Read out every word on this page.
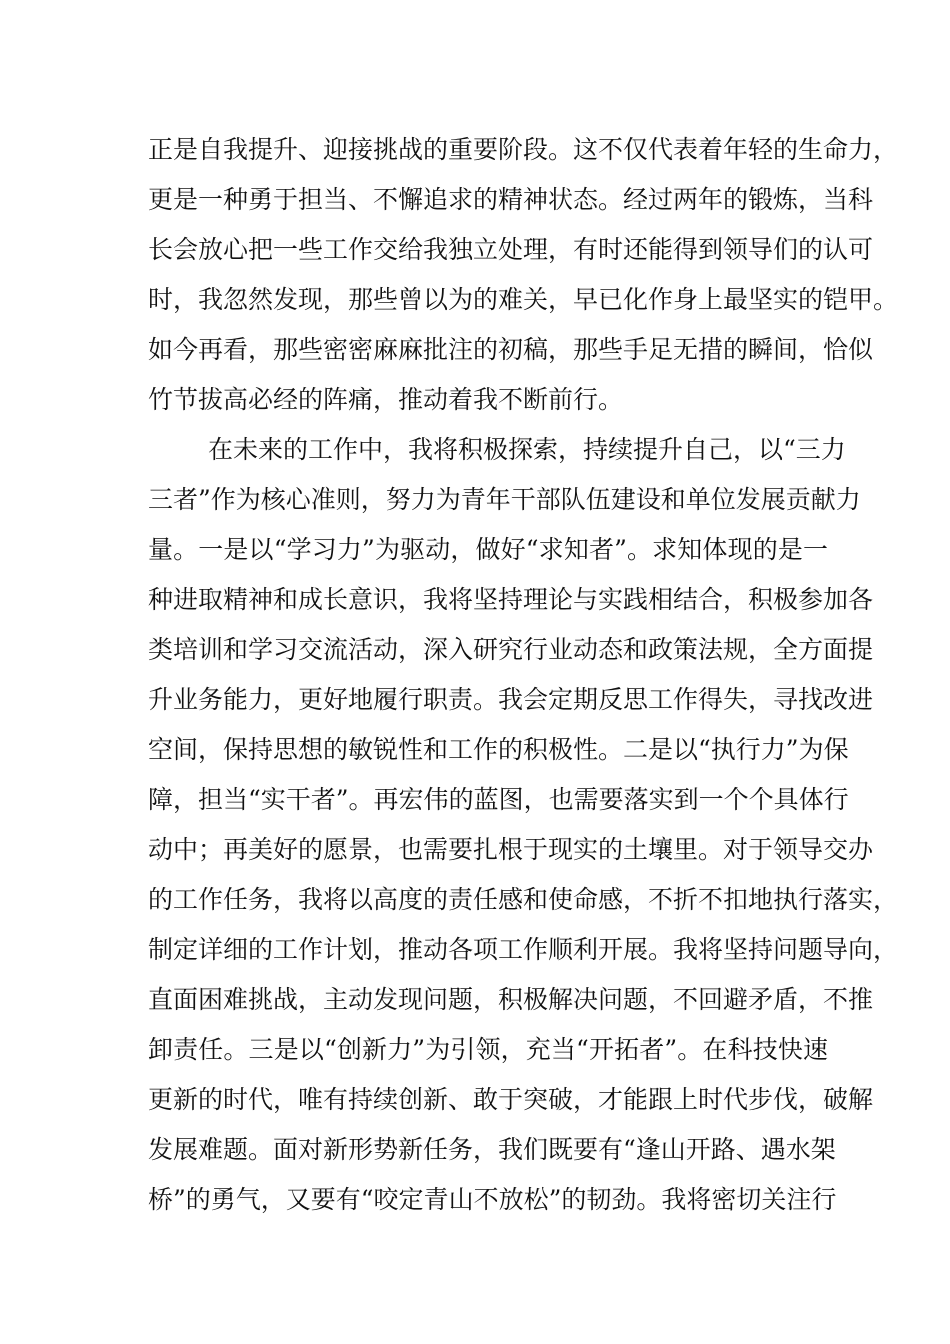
正是自我提升、迎接挑战的重要阶段。这不仅代表着年轻的生命力，
更是一种勇于担当、不懈追求的精神状态。经过两年的锻炼，当科
长会放心把一些工作交给我独立处理，有时还能得到领导们的认可
时，我忽然发现，那些曾以为的难关，早已化作身上最坚实的铠甲。
如今再看，那些密密麻麻批注的初稿，那些手足无措的瞬间，恰似
竹节拔高必经的阵痛，推动着我不断前行。
在未来的工作中，我将积极探索，持续提升自己，以“三力
三者”作为核心准则，努力为青年干部队伍建设和单位发展贡献力
量。一是以“学习力”为驱动，做好“求知者”。求知体现的是一
种进取精神和成长意识，我将坚持理论与实践相结合，积极参加各
类培训和学习交流活动，深入研究行业动态和政策法规，全方面提
升业务能力，更好地履行职责。我会定期反思工作得失，寻找改进
空间，保持思想的敏锐性和工作的积极性。二是以“执行力”为保
障，担当“实干者”。再宏伟的蓝图，也需要落实到一个个具体行
动中；再美好的愿景，也需要扎根于现实的土壤里。对于领导交办
的工作任务，我将以高度的责任感和使命感，不折不扣地执行落实，
制定详细的工作计划，推动各项工作顺利开展。我将坚持问题导向，
直面困难挑战，主动发现问题，积极解决问题，不回避矛盾，不推
卸责任。三是以“创新力”为引领，充当“开拓者”。在科技快速
更新的时代，唯有持续创新、敢于突破，才能跟上时代步伐，破解
发展难题。面对新形势新任务，我们既要有“逢山开路、遇水架
桥”的勇气，又要有“咬定青山不放松”的韧劲。我将密切关注行
